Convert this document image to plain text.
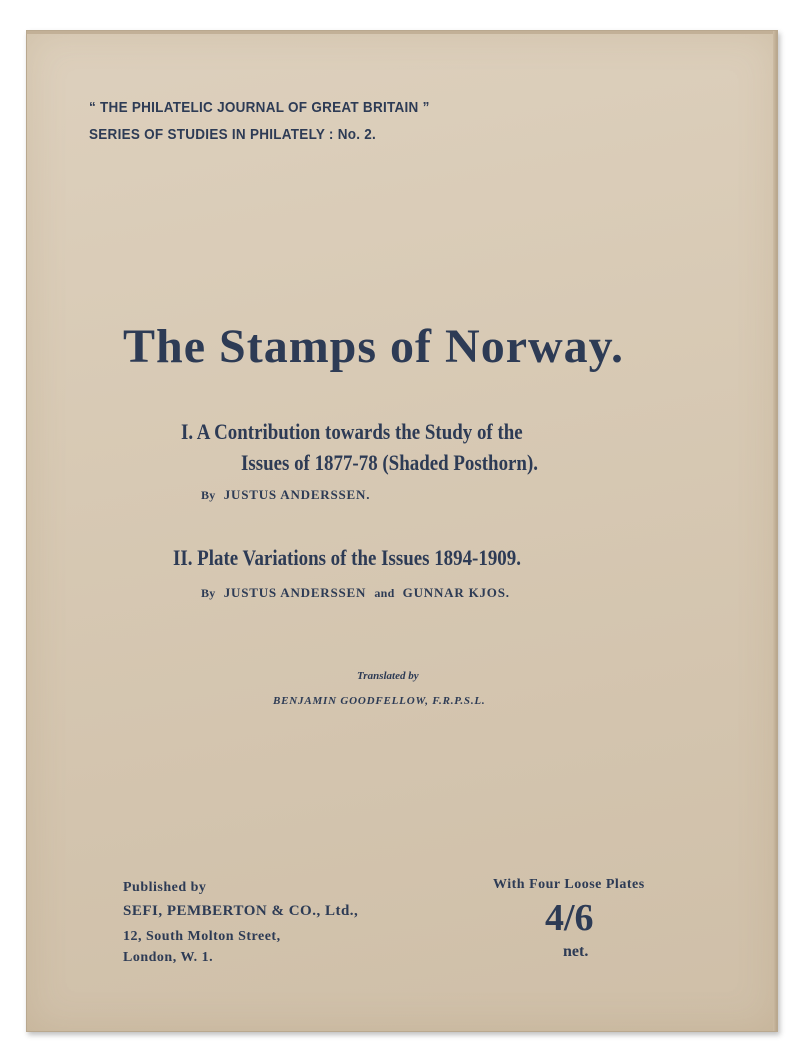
“ THE PHILATELIC JOURNAL OF GREAT BRITAIN ”
SERIES OF STUDIES IN PHILATELY : No. 2.
The Stamps of Norway.
I. A Contribution towards the Study of the
Issues of 1877-78 (Shaded Posthorn).
By JUSTUS ANDERSSEN.
II. Plate Variations of the Issues 1894-1909.
By JUSTUS ANDERSSEN and GUNNAR KJOS.
Translated by
BENJAMIN GOODFELLOW, F.R.P.S.L.
Published by
SEFI, PEMBERTON & CO., Ltd.,
12, South Molton Street,
London, W. 1.
With Four Loose Plates
4/6
net.
